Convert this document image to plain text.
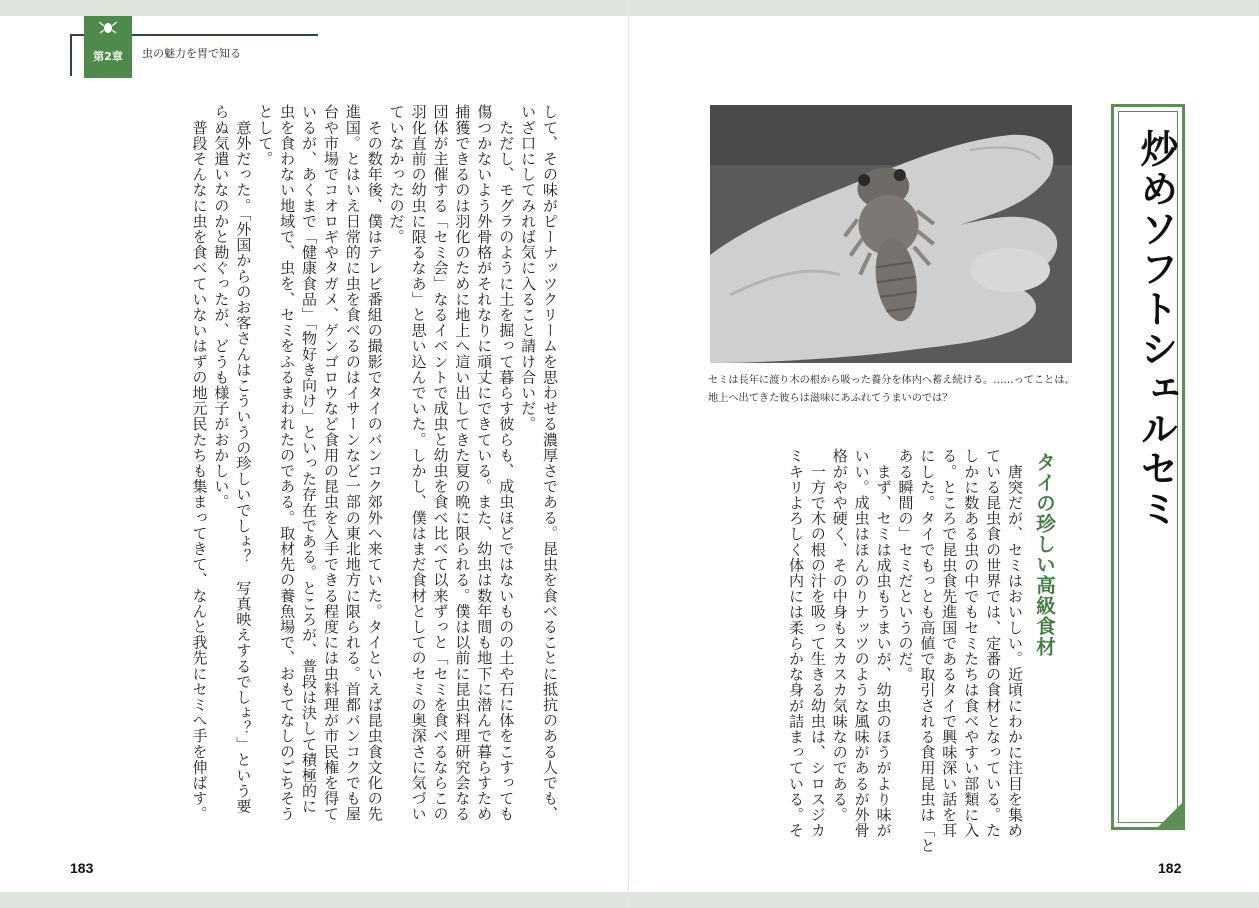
第2章	虫の魅力を胃で知る
して、その味がピーナッツクリームを思わせる濃厚さである。昆虫を食べることに抵抗のある人でも、
いざ口にしてみれば気に入ること請け合いだ。
　ただし、モグラのように土を掘って暮らす彼らも、成虫ほどではないものの土や石に体をこすっても
傷つかないよう外骨格がそれなりに頑丈にできている。また、幼虫は数年間も地下に潜んで暮らすため
捕獲できるのは羽化のために地上へ這い出してきた夏の晩に限られる。僕は以前に昆虫料理研究会なる
団体が主催する「セミ会」なるイベントで成虫と幼虫を食べ比べて以来ずっと「セミを食べるならこの
羽化直前の幼虫に限るなあ」と思い込んでいた。しかし、僕はまだ食材としてのセミの奥深さに気づい
ていなかったのだ。
　その数年後、僕はテレビ番組の撮影でタイのバンコク郊外へ来ていた。タイといえば昆虫食文化の先
進国。とはいえ日常的に虫を食べるのはイサーンなど一部の東北地方に限られる。首都バンコクでも屋
台や市場でコオロギやタガメ、ゲンゴロウなど食用の昆虫を入手できる程度には虫料理が市民権を得て
いるが、あくまで「健康食品」「物好き向け」といった存在である。ところが、普段は決して積極的に
虫を食わない地域で、虫を、セミをふるまわれたのである。取材先の養魚場で、おもてなしのごちそう
として。
　意外だった。「外国からのお客さんはこういうの珍しいでしょ？　写真映えするでしょ？」という要
らぬ気遣いなのかと勘ぐったが、どうも様子がおかしい。
　普段そんなに虫を食べていないはずの地元民たちも集まってきて、なんと我先にセミへ手を伸ばす。
183
セミは長年に渡り木の根から吸った養分を体内へ蓄え続ける。……ってことは、地上へ出てきた彼らは滋味にあふれてうまいのでは？	炒めソフトシェルセミ
タイの珍しい高級食材
　唐突だが、セミはおいしい。近頃にわかに注目を集め
ている昆虫食の世界では、定番の食材となっている。た
しかに数ある虫の中でもセミたちは食べやすい部類に入
る。ところで昆虫食先進国であるタイで興味深い話を耳
にした。タイでもっとも高値で取引される食用昆虫は「と
ある瞬間の」セミだというのだ。
　まず、セミは成虫もうまいが、幼虫のほうがより味が
いい。成虫はほんのりナッツのような風味があるが外骨
格がやや硬く、その中身もスカスカ気味なのである。
　一方で木の根の汁を吸って生きる幼虫は、シロスジカ
ミキリよろしく体内には柔らかな身が詰まっている。そ
182
